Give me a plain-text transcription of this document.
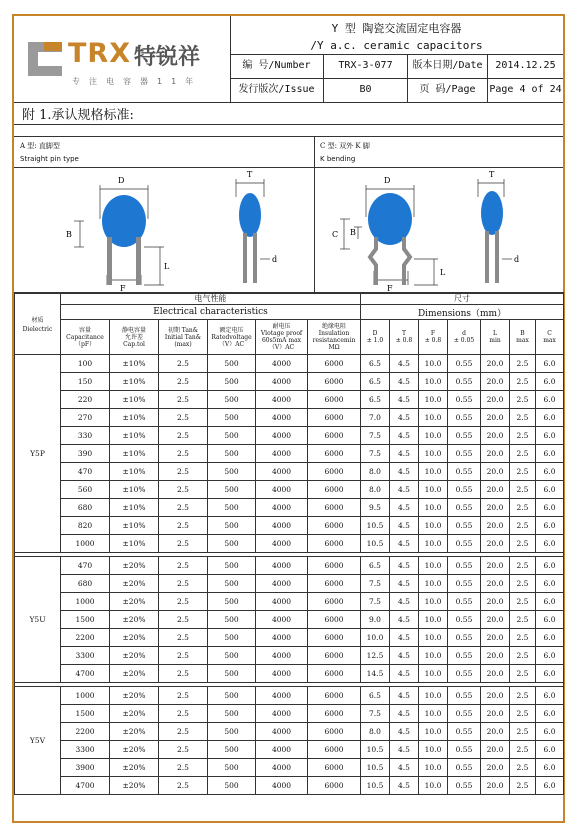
TRX 特锐祥
专注电容器11年
Y 型 陶瓷交流固定电容器
/Y a.c. ceramic capacitors
编 号/Number	TRX-3-077	版本日期/Date	2014.12.25
发行版次/Issue	B0	页 码/Page	Page 4 of 24
附 1.承认规格标准:
A 型: 直脚型
Straight pin type
D
B
L
F
T
d
C 型: 双外 K 脚
K bending
D
C B
L
F
T
d
材质
Dielectric	电气性能						尺寸						
	Electrical characteristics						Dimensions（mm）						
	容量
Capacitance
（pF）	静电容量
允许差
Cap.tol	初期 Tan&
Initial Tan&
(max)	额定电压
Ratedvoltage
（V）AC	耐电压
Vlotage proof
60s5mA max
（V）AC	绝缘电阻
Insulation
resistancemin
MΩ	D
± 1.0	T
± 0.8	F
± 0.8	d
± 0.05	L
min	B
max	C
max
Y5P	100	±10%	2.5	500	4000	6000	6.5	4.5	10.0	0.55	20.0	2.5	6.0
	150	±10%	2.5	500	4000	6000	6.5	4.5	10.0	0.55	20.0	2.5	6.0
	220	±10%	2.5	500	4000	6000	6.5	4.5	10.0	0.55	20.0	2.5	6.0
	270	±10%	2.5	500	4000	6000	7.0	4.5	10.0	0.55	20.0	2.5	6.0
	330	±10%	2.5	500	4000	6000	7.5	4.5	10.0	0.55	20.0	2.5	6.0
	390	±10%	2.5	500	4000	6000	7.5	4.5	10.0	0.55	20.0	2.5	6.0
	470	±10%	2.5	500	4000	6000	8.0	4.5	10.0	0.55	20.0	2.5	6.0
	560	±10%	2.5	500	4000	6000	8.0	4.5	10.0	0.55	20.0	2.5	6.0
	680	±10%	2.5	500	4000	6000	9.5	4.5	10.0	0.55	20.0	2.5	6.0
	820	±10%	2.5	500	4000	6000	10.5	4.5	10.0	0.55	20.0	2.5	6.0
	1000	±10%	2.5	500	4000	6000	10.5	4.5	10.0	0.55	20.0	2.5	6.0

Y5U	470	±20%	2.5	500	4000	6000	6.5	4.5	10.0	0.55	20.0	2.5	6.0
	680	±20%	2.5	500	4000	6000	7.5	4.5	10.0	0.55	20.0	2.5	6.0
	1000	±20%	2.5	500	4000	6000	7.5	4.5	10.0	0.55	20.0	2.5	6.0
	1500	±20%	2.5	500	4000	6000	9.0	4.5	10.0	0.55	20.0	2.5	6.0
	2200	±20%	2.5	500	4000	6000	10.0	4.5	10.0	0.55	20.0	2.5	6.0
	3300	±20%	2.5	500	4000	6000	12.5	4.5	10.0	0.55	20.0	2.5	6.0
	4700	±20%	2.5	500	4000	6000	14.5	4.5	10.0	0.55	20.0	2.5	6.0

Y5V	1000	±20%	2.5	500	4000	6000	6.5	4.5	10.0	0.55	20.0	2.5	6.0
	1500	±20%	2.5	500	4000	6000	7.5	4.5	10.0	0.55	20.0	2.5	6.0
	2200	±20%	2.5	500	4000	6000	8.0	4.5	10.0	0.55	20.0	2.5	6.0
	3300	±20%	2.5	500	4000	6000	10.5	4.5	10.0	0.55	20.0	2.5	6.0
	3900	±20%	2.5	500	4000	6000	10.5	4.5	10.0	0.55	20.0	2.5	6.0
	4700	±20%	2.5	500	4000	6000	10.5	4.5	10.0	0.55	20.0	2.5	6.0
